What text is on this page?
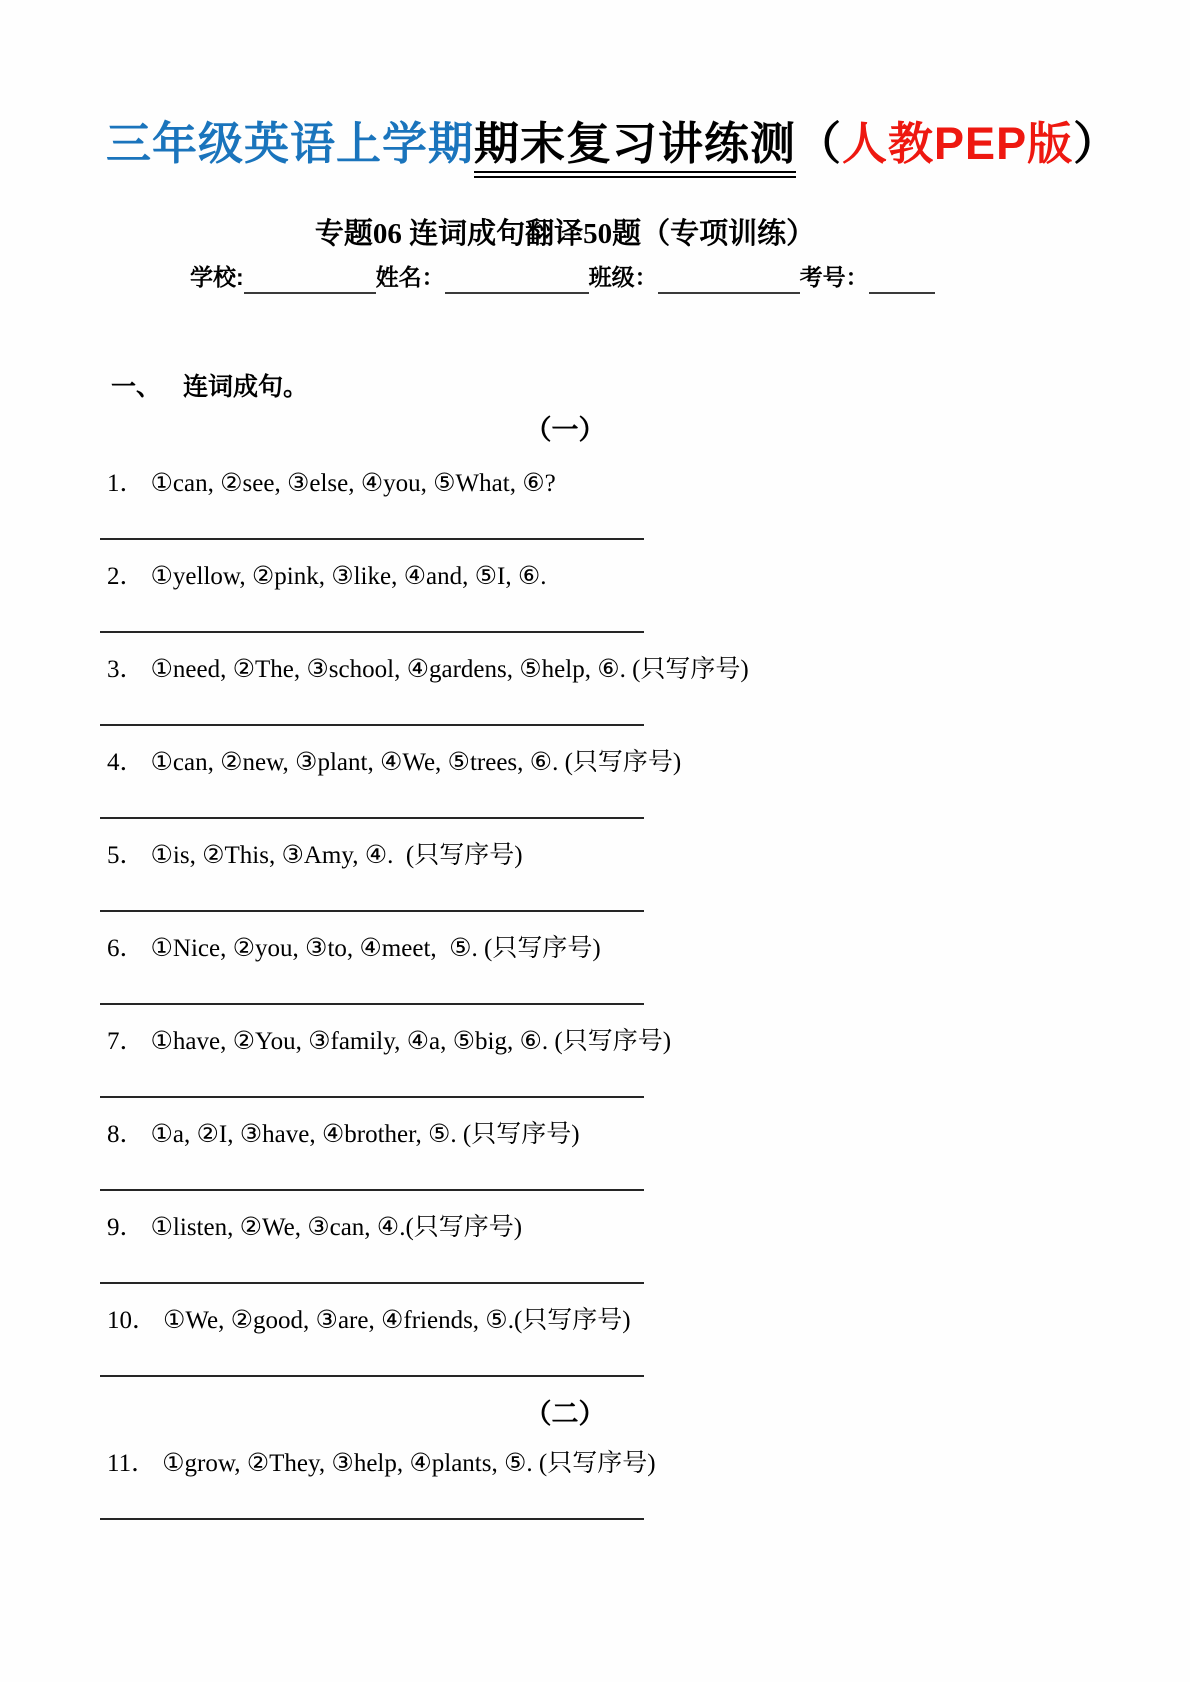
三年级英语上学期期末复习讲练测（人教PEP版）
专题06 连词成句翻译50题（专项训练）
学校:	姓名：	班级：	考号：
一、 连词成句。
（一）

1． ①can, ②see, ③else, ④you, ⑤What, ⑥?

2． ①yellow, ②pink, ③like, ④and, ⑤I, ⑥.

3． ①need, ②The, ③school, ④gardens, ⑤help, ⑥. (只写序号)

4． ①can, ②new, ③plant, ④We, ⑤trees, ⑥. (只写序号)

5． ①is, ②This, ③Amy, ④.  (只写序号)

6． ①Nice, ②you, ③to, ④meet,  ⑤. (只写序号)

7． ①have, ②You, ③family, ④a, ⑤big, ⑥. (只写序号)

8． ①a, ②I, ③have, ④brother, ⑤. (只写序号)

9． ①listen, ②We, ③can, ④.(只写序号)

10． ①We, ②good, ③are, ④friends, ⑤.(只写序号)

（二）

11． ①grow, ②They, ③help, ④plants, ⑤. (只写序号)
